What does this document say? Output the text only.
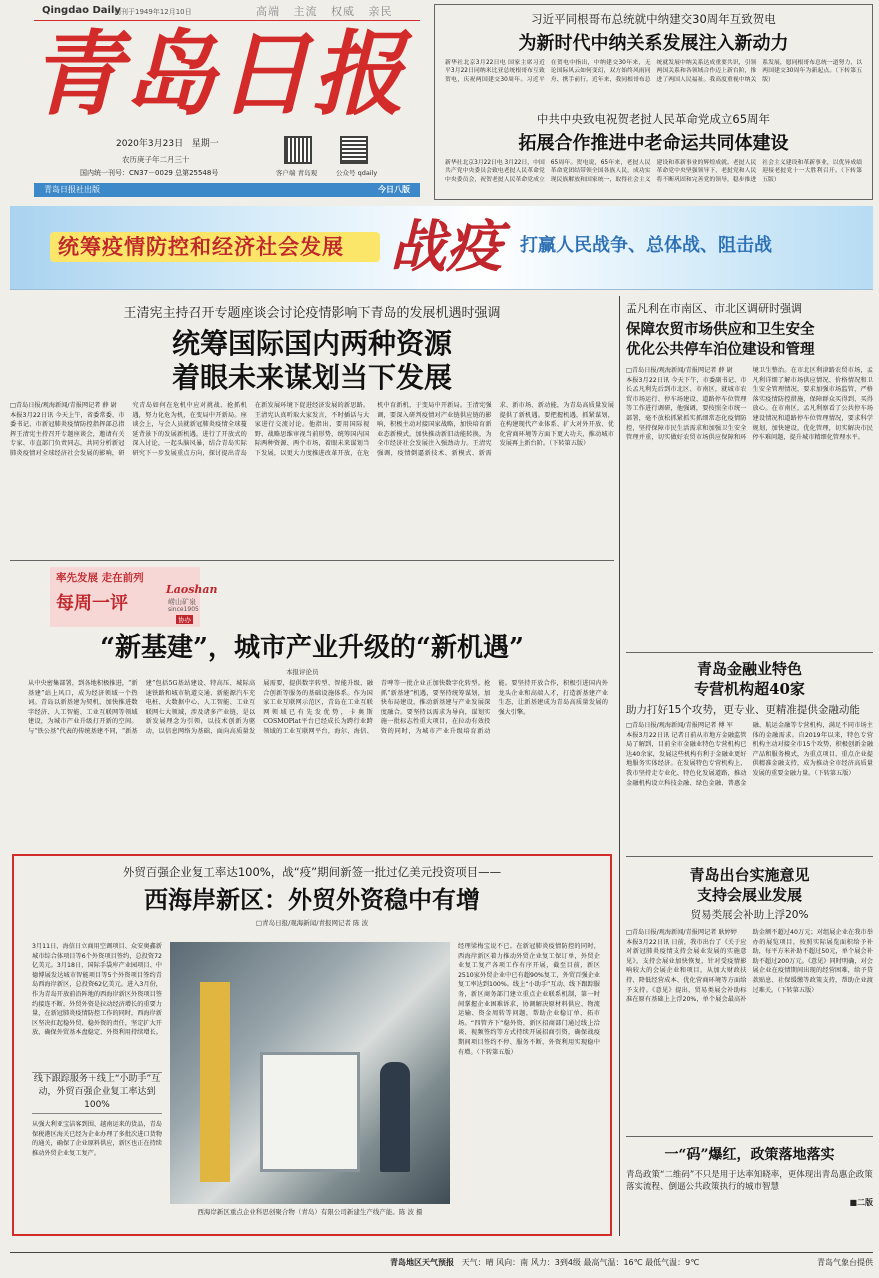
Qingdao Daily
创刊于1949年12月10日	高端 主流 权威 亲民
青岛日报
2020年3月23日 星期一
农历庚子年二月三十
国内统一刊号：CN37－0029 总第25548号	客户端 青岛观	公众号 qdaily
青岛日报社出版	今日八版
习近平同根哥布总统就中纳建交30周年互致贺电
为新时代中纳关系发展注入新动力
新华社北京3月22日电 国家主席习近平3月22日同纳米比亚总统根哥布互致贺电，庆祝两国建交30周年。习近平在贺电中指出，中纳建交30年来，无论国际风云如何变幻，双方始终风雨同舟、携手前行，近年来，我同根哥布总统就发展中纳关系达成重要共识，引领两国关系和各领域合作迈上新台阶，推进了两国人民福祉。我高度重视中纳关系发展，愿同根哥布总统一道努力，以两国建交30周年为新起点。（下转第五版）
中共中央致电祝贺老挝人民革命党成立65周年
拓展合作推进中老命运共同体建设
新华社北京3月22日电 3月22日，中国共产党中央委员会致电老挝人民革命党中央委员会，祝贺老挝人民革命党成立65周年。贺电说，65年来，老挝人民革命党团结带领全国各族人民，成功实现民族解放和国家统一，取得社会主义建设和革新事业的辉煌成就。老挝人民革命党中央坚强领导下，老挝党和人民将不断巩固和完善党的领导，稳步推进社会主义建设和革新事业，以优异成绩迎接老挝党十一大胜利召开。（下转第五版）
统筹疫情防控和经济社会发展 战疫 打赢人民战争、总体战、阻击战
王清宪主持召开专题座谈会讨论疫情影响下青岛的发展机遇时强调
统筹国际国内两种资源
着眼未来谋划当下发展
□青岛日报/观海新闻/青报网记者 薛 尉
本报3月22日讯 今天上午，省委常委、市委书记、市新冠肺炎疫情防控指挥部总指挥王清宪主持召开专题座谈会，邀请有关专家、市直部门负责同志，共同分析新冠肺炎疫情对全球经济社会发展的影响，研究青岛如何在危机中应对挑战、抢抓机遇，努力化危为机，在变局中开新局。座谈会上，与会人员就新冠肺炎疫情全球蔓延背景下的发展新机遇，进行了开放式的深入讨论，一起头脑风暴，结合青岛实际研究下一步发展重点方向，探讨提出青岛在新发展环境下促进经济发展的新思路。王清宪认真听取大家发言，不时插话与大家进行交流讨论。他指出，要用国际视野、战略思维审视当前形势，统筹国内国际两种资源、两个市场，着眼未来谋划当下发展，以更大力度推进改革开放，在危机中育新机、于变局中开新局。王清宪强调，要深入研判疫情对产业链供应链的影响，积极主动对接国家战略，加快培育新业态新模式，加快推动新旧动能转换，为全市经济社会发展注入强劲动力。王清宪强调，疫情倒逼新技术、新模式、新需求、新市场、新动能，为青岛高质量发展提供了新机遇。要把握机遇，抓紧谋划，在构建现代产业体系、扩大对外开放、优化营商环境等方面下更大功夫，推动城市发展再上新台阶。（下转第五版）
孟凡利在市南区、市北区调研时强调
保障农贸市场供应和卫生安全
优化公共停车泊位建设和管理
□青岛日报/观海新闻/青报网记者 薛 尉
本报3月22日讯 今天下午，市委副书记、市长孟凡利先后到市北区、市南区，就城市农贸市场运行、停车场建设、道路停车位管理等工作进行调研，他强调，要按照全市统一部署，毫不放松抓紧抓实抓细常态化疫情防控，坚持保障市民生活需求和加强卫生安全管理并重，切实做好农贸市场供应保障和环境卫生整治。在市北区利津路农贸市场，孟凡利详细了解市场供应情况、价格情况和卫生安全管理情况，要求加强市场监管，严格落实疫情防控措施，保障群众买得到、买得放心。在市南区，孟凡利察看了公共停车场建设情况和道路停车位管理情况，要求科学规划，加快建设，优化管理，切实解决市民停车难问题，提升城市精细化管理水平。
率先发展 走在前列
每周一评
Laoshan
崂山矿泉
since1905
协办
“新基建”，城市产业升级的“新机遇”
本报评论员
从中央密集部署，到各地积极推进，“新基建”站上风口，成为经济领域一个热词。青岛以新基建为契机，加快推进数字经济、人工智能、工业互联网等领域建设，为城市产业升级打开新的空间。与“铁公基”代表的传统基建不同，“新基建”包括5G基站建设、特高压、城际高速铁路和城市轨道交通、新能源汽车充电桩、大数据中心、人工智能、工业互联网七大领域，涉及诸多产业链，是以新发展理念为引领，以技术创新为驱动，以信息网络为基础，面向高质量发展需要，提供数字转型、智能升级、融合创新等服务的基础设施体系。作为国家工业互联网示范区，青岛在工业互联网领域已有先发优势，卡奥斯COSMOPlat平台已经成长为跨行业跨领域的工业互联网平台，海尔、海信、青啤等一批企业正加快数字化转型。抢抓“新基建”机遇，要坚持统筹谋划，加快布局建设，推动新基建与产业发展深度融合。要坚持以需求为导向，谋划实施一批标志性重大项目，在拉动有效投资的同时，为城市产业升级培育新动能。要坚持开放合作，积极引进国内外龙头企业和高端人才，打造新基建产业生态，让新基建成为青岛高质量发展的强大引擎。
青岛金融业特色
专营机构超40家
助力打好15个攻势，更专业、更精准提供金融动能
□青岛日报/观海新闻/青报网记者 傅 军
本报3月22日讯 记者日前从市地方金融监管局了解到，目前全市金融业特色专营机构已达40余家，发展这些机构有利于金融业更好地服务实体经济。在发展特色专营机构上，我市坚持走专业化、特色化发展道路，推动金融机构设立科技金融、绿色金融、普惠金融、航运金融等专营机构，满足不同市场主体的金融需求。自2019年以来，特色专营机构主动对接全市15个攻势，积极创新金融产品和服务模式，为重点项目、重点企业提供精准金融支持，成为推动全市经济高质量发展的重要金融力量。（下转第五版）
外贸百强企业复工率达100%，战“疫”期间新签一批过亿美元投资项目——
西海岸新区：外贸外资稳中有增
□青岛日报/观海新闻/青报网记者 陈 波
3月11日，海信日立商用空调项目、众安奥鑫新城市综合体项目等6个外资项目签约，总投资72亿美元。3月18日，国际手袋库产业园项目、中德博展发达城市智能项目等5个外资项目签约青岛西海岸新区，总投资62亿美元。进入3月份，作为青岛开放前沿阵地的西海岸新区外资项目签约接连不断。外贸外资是拉动经济增长的重要力量，在新冠肺炎疫情防控工作的同时，西海岸新区坚决扛起稳外贸、稳外资的责任，坚定扩大开放，确保外贸基本盘稳定、外资利用持续增长。
线下跟踪服务＋线上“小助手”互动，外贸百强企业复工率达到100%
从强大利亚宝洁客到围、越南运来的货品，青岛保税港区海关已经为企业办理了多批次进口货物的通关，确保了企业原料供应，新区也正在持续推动外贸企业复工复产。
西海岸新区重点企业科思创聚合物（青岛）有限公司新建生产线产能。陈 波 摄
经理梁梅宝说不已。在新冠肺炎疫情防控的同时，西海岸新区着力推动外贸企业复工保订单，外贸企业复工复产各项工作有序开展，截至目前，新区2510家外贸企业中已有超90%复工，外贸百强企业复工率达到100%。线上“小助手”互动、线下跟踪服务，新区商务部门建立重点企业联系机制，第一时间掌握企业困难诉求，协调解决原材料供应、物流运输、资金周转等问题，帮助企业稳订单、拓市场。“四管齐下”稳外资，新区招商部门通过线上洽谈、视频签约等方式持续开展招商引资，确保战疫期间项目签约不停、服务不断，外资利用实现稳中有增。（下转第五版）
青岛出台实施意见
支持会展业发展
贸易类展会补助上浮20%
□青岛日报/观海新闻/青报网记者 耿婷婷
本报3月22日讯 日前，我市出台了《关于应对新冠肺炎疫情支持会展业发展的实施意见》，支持会展业加快恢复，针对受疫情影响较大的会展企业和项目，从加大财政扶持、降低经营成本、优化营商环境等方面给予支持。《意见》提出，贸易类展会补助标准在原有基础上上浮20%，单个展会最高补助金额不超过40万元；对组展企业在我市举办的展览项目，按照实际展览面积给予补助，每平方米补助不超过50元，单个展会补助不超过200万元。《意见》同时明确，对会展企业在疫情期间出现的经营困难，给予贷款贴息、社保缓缴等政策支持，帮助企业渡过难关。（下转第五版）
一“码”爆红，政策落地落实
青岛政策“二维码”不只是用于达率知晓率，更体现出青岛惠企政策落实流程、倒逼公共政策执行的城市智慧
■二版
青岛地区天气预报 天气：晴 风向：南 风力：3到4级 最高气温：16℃ 最低气温：9℃	青岛气象台提供
